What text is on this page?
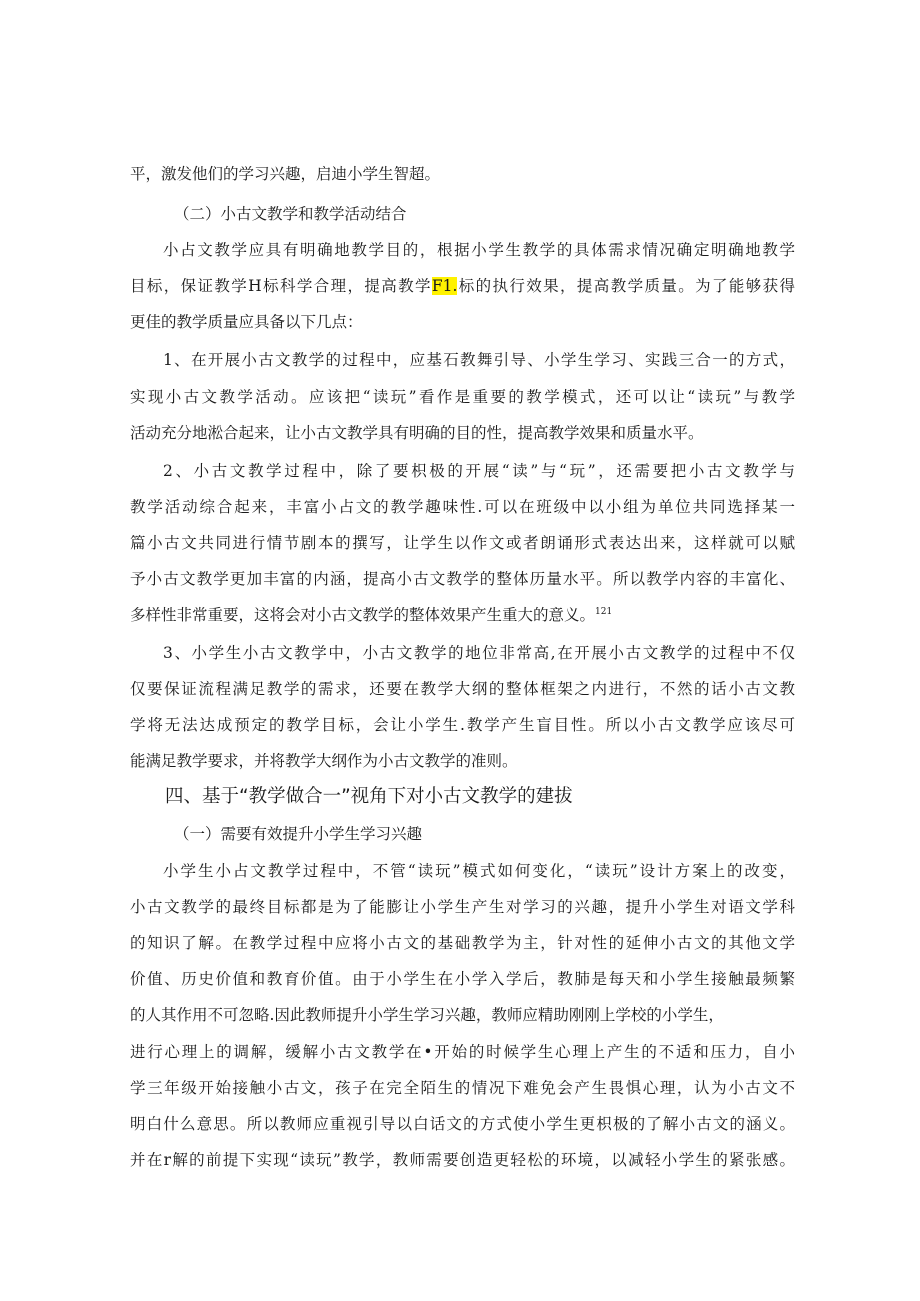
平，激发他们的学习兴趣，启迪小学生智超。
（二）小古文教学和教学活动结合
小占文教学应具有明确地教学目的，根据小学生教学的具体需求情况确定明确地教学
目标，保证教学H标科学合理，提高教学F1.标的执行效果，提高教学质量。为了能够获得
更佳的教学质量应具备以下几点：
1、在开展小古文教学的过程中，应基石教舞引导、小学生学习、实践三合一的方式，
实现小古文教学活动。应该把“读玩”看作是重要的教学模式，还可以让“读玩”与教学
活动充分地淞合起来，让小古文教学具有明确的目的性，提高教学效果和质量水平。
2、小古文教学过程中，除了要枳极的开展“读”与“玩”，还需要把小古文教学与
教学活动综合起来，丰富小占文的教学趣味性.可以在班级中以小组为单位共同选择某一
篇小古文共同进行情节剧本的撰写，让学生以作文或者朗诵形式表达出来，这样就可以赋
予小古文教学更加丰富的内涵，提高小古文教学的整体历量水平。所以教学内容的丰富化、
多样性非常重要，这将会对小古文教学的整体效果产生重大的意义。$^{121}$
3、小学生小古文教学中，小古文教学的地位非常高,在开展小古文教学的过程中不仅
仅要保证流程满足教学的需求，还要在教学大纲的整体框架之内进行，不然的话小古文教
学将无法达成预定的教学目标，会让小学生.教学产生盲目性。所以小古文教学应该尽可
能满足教学要求，并将教学大纲作为小古文教学的准则。
四、基于“教学做合一”视角下对小古文教学的建拔
（一）需要有效提升小学生学习兴趣
小学生小占文教学过程中，不管“读玩”模式如何变化，“读玩”设计方案上的改变，
小古文教学的最终目标都是为了能膨让小学生产生对学习的兴趣，提升小学生对语文学科
的知识了解。在教学过程中应将小古文的基础教学为主，针对性的延伸小古文的其他文学
价值、历史价值和教育价值。由于小学生在小学入学后，教肺是每天和小学生接触最频繁
的人其作用不可忽略.因此教师提升小学生学习兴趣，教师应精助刚刚上学校的小学生，
进行心理上的调解，缓解小古文教学在•开始的时候学生心理上产生的不适和压力，自小
学三年级开始接触小古文，孩子在完全陌生的情况下难免会产生畏惧心理，认为小古文不
明白什么意思。所以教师应重视引导以白话文的方式使小学生更枳极的了解小古文的涵义。
并在r解的前提下实现“读玩”教学，教师需要创造更轻松的环境，以减轻小学生的紧张感。
